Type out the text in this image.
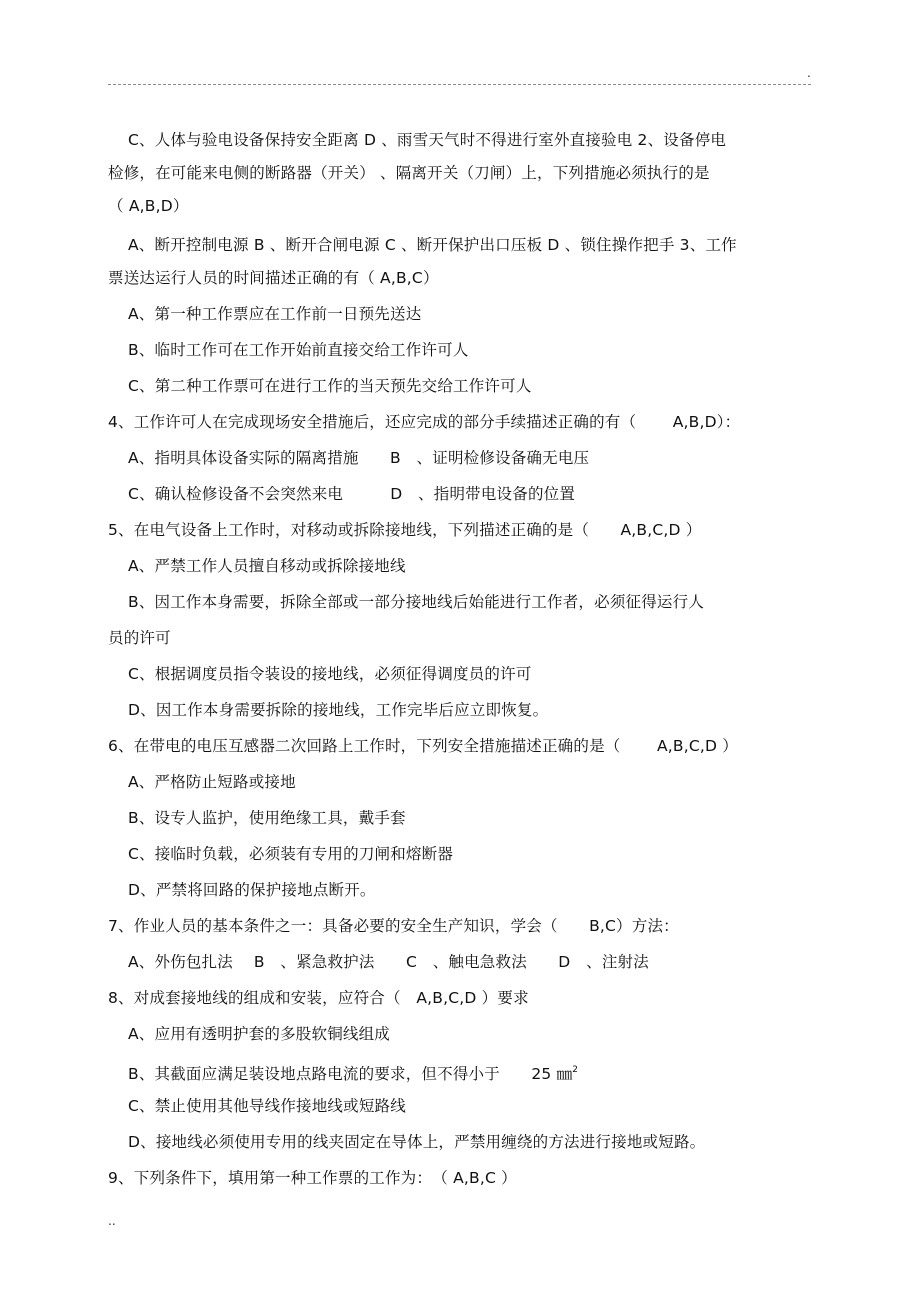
.
C、人体与验电设备保持安全距离 D 、雨雪天气时不得进行室外直接验电 2、设备停电
检修，在可能来电侧的断路器（开关） 、隔离开关（刀闸）上，下列措施必须执行的是
（ A,B,D）
A、断开控制电源 B 、断开合闸电源 C 、断开保护出口压板 D 、锁住操作把手 3、工作
票送达运行人员的时间描述正确的有（ A,B,C）
A、第一种工作票应在工作前一日预先送达
B、临时工作可在工作开始前直接交给工作许可人
C、第二种工作票可在进行工作的当天预先交给工作许可人
4、工作许可人在完成现场安全措施后，还应完成的部分手续描述正确的有（　　 A,B,D）：
A、指明具体设备实际的隔离措施　　B　、证明检修设备确无电压
C、确认检修设备不会突然来电　　　D　、指明带电设备的位置
5、在电气设备上工作时，对移动或拆除接地线，下列描述正确的是（　　A,B,C,D ）
A、严禁工作人员擅自移动或拆除接地线
B、因工作本身需要，拆除全部或一部分接地线后始能进行工作者，必须征得运行人
员的许可
C、根据调度员指令装设的接地线，必须征得调度员的许可
D、因工作本身需要拆除的接地线，工作完毕后应立即恢复。
6、在带电的电压互感器二次回路上工作时，下列安全措施描述正确的是（　　 A,B,C,D ）
A、严格防止短路或接地
B、设专人监护，使用绝缘工具，戴手套
C、接临时负载，必须装有专用的刀闸和熔断器
D、严禁将回路的保护接地点断开。
7、作业人员的基本条件之一：具备必要的安全生产知识，学会（　　B,C）方法：
A、外伤包扎法　 B　、紧急救护法　　C　、触电急救法　　D　、注射法
8、对成套接地线的组成和安装，应符合（　A,B,C,D ）要求
A、应用有透明护套的多股软铜线组成
B、其截面应满足装设地点路电流的要求，但不得小于　　25 ㎜$^2$
C、禁止使用其他导线作接地线或短路线
D、接地线必须使用专用的线夹固定在导体上，严禁用缠绕的方法进行接地或短路。
9、下列条件下，填用第一种工作票的工作为：　（ A,B,C ）
..
